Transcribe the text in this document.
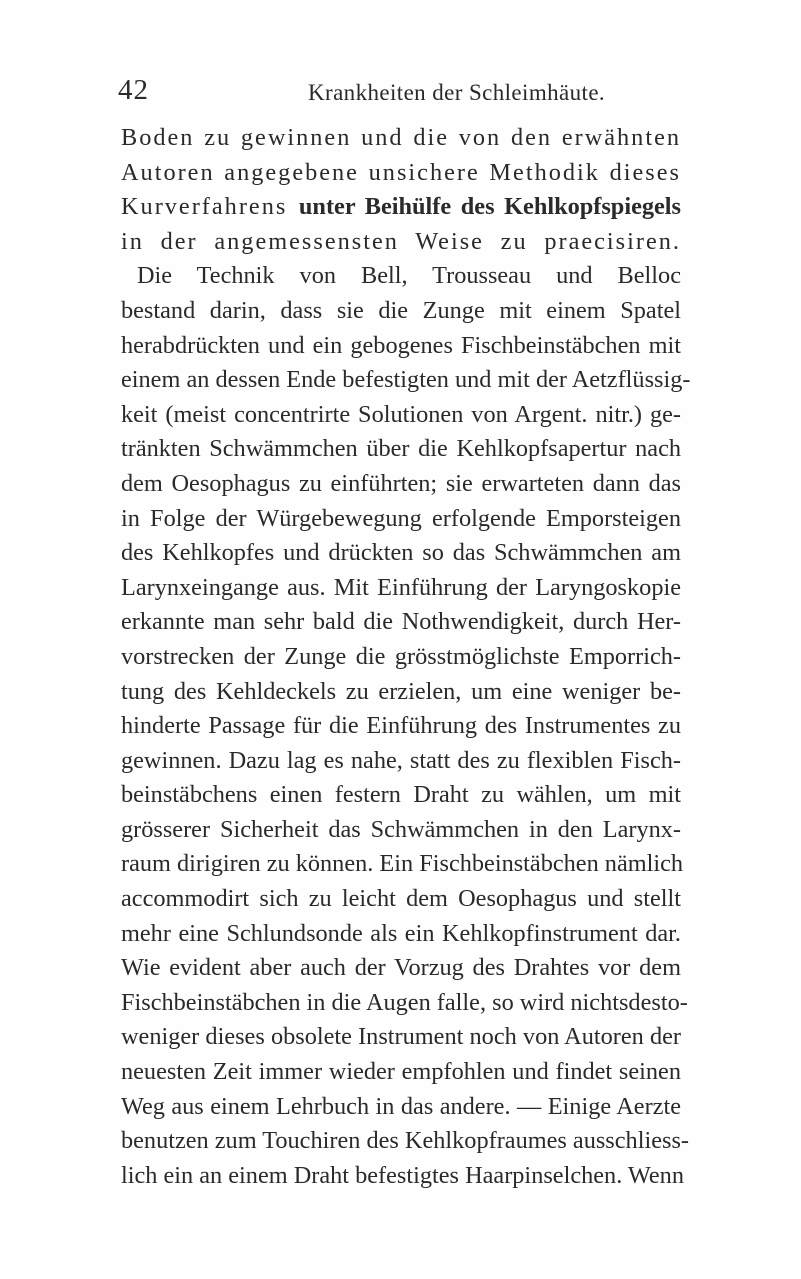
42	Krankheiten der Schleimhäute.
Boden zu gewinnen und die von den erwähnten
Autoren angegebene unsichere Methodik dieses
Kurverfahrens unter Beihülfe des Kehlkopfspiegels
in der angemessensten Weise zu praecisiren.
Die Technik von Bell, Trousseau und Belloc
bestand darin, dass sie die Zunge mit einem Spatel
herabdrückten und ein gebogenes Fischbeinstäbchen mit
einem an dessen Ende befestigten und mit der Aetzflüssig-
keit (meist concentrirte Solutionen von Argent. nitr.) ge-
tränkten Schwämmchen über die Kehlkopfsapertur nach
dem Oesophagus zu einführten; sie erwarteten dann das
in Folge der Würgebewegung erfolgende Emporsteigen
des Kehlkopfes und drückten so das Schwämmchen am
Larynxeingange aus. Mit Einführung der Laryngoskopie
erkannte man sehr bald die Nothwendigkeit, durch Her-
vorstrecken der Zunge die grösstmöglichste Emporrich-
tung des Kehldeckels zu erzielen, um eine weniger be-
hinderte Passage für die Einführung des Instrumentes zu
gewinnen. Dazu lag es nahe, statt des zu flexiblen Fisch-
beinstäbchens einen festern Draht zu wählen, um mit
grösserer Sicherheit das Schwämmchen in den Larynx-
raum dirigiren zu können. Ein Fischbeinstäbchen nämlich
accommodirt sich zu leicht dem Oesophagus und stellt
mehr eine Schlundsonde als ein Kehlkopfinstrument dar.
Wie evident aber auch der Vorzug des Drahtes vor dem
Fischbeinstäbchen in die Augen falle, so wird nichtsdesto-
weniger dieses obsolete Instrument noch von Autoren der
neuesten Zeit immer wieder empfohlen und findet seinen
Weg aus einem Lehrbuch in das andere. — Einige Aerzte
benutzen zum Touchiren des Kehlkopfraumes ausschliess-
lich ein an einem Draht befestigtes Haarpinselchen. Wenn
